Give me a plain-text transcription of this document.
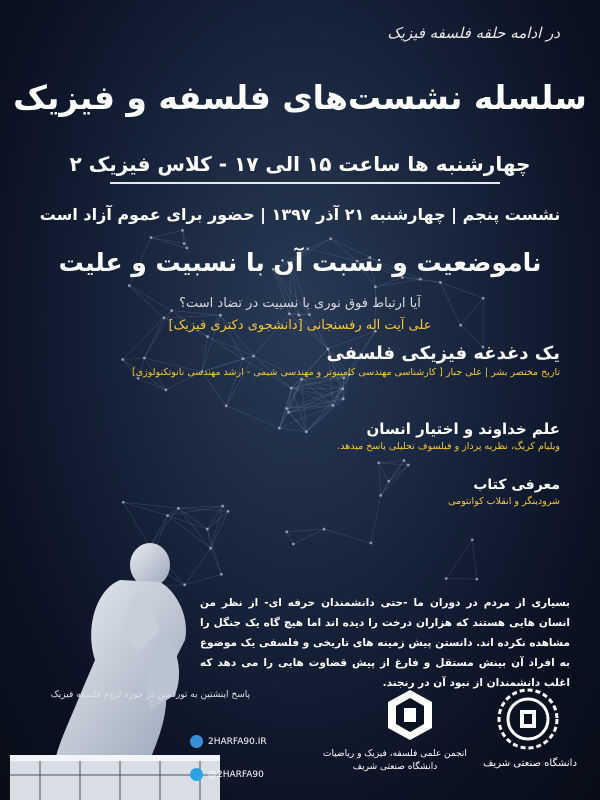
در ادامه حلقه فلسفه فیزیک
سلسله نشست‌های فلسفه و فیزیک
چهارشنبه ها ساعت ۱۵ الی ۱۷ - کلاس فیزیک ۲
نشست پنجم | چهارشنبه ۲۱ آذر ۱۳۹۷ | حضور برای عموم آزاد است
ناموضعیت و نسبت آن با نسبیت و علیت
آیا ارتباط فوق نوری با نسبیت در تضاد است؟
علی آیت اله رفسنجانی [دانشجوی دکتری فیزیک]
یک دغدغه فیزیکی فلسفی
تاریخ مختصر بشر | علی جبار [ کارشناسی مهندسی کامپیوتر و مهندسی شیمی - ارشد مهندسی نانوتکنولوژی]
علم خداوند و اختیار انسان
ویلیام کریگ، نظریه پرداز و فیلسوف تحلیلی یاسخ میدهد.
معرفی کتاب
شرودینگر و انقلاب کوانتومی
بسیاری از مردم در دوران ما -حتی دانشمندان حرفه ای- از نظر من انسان هایی هستند که هزاران درخت را دیده اند اما هیچ گاه یک جنگل را مشاهده نکرده اند. دانستن پیش زمینه های تاریخی و فلسفی یک موضوع به افراد آن بینش مستقل و فارغ از پیش قضاوت هایی را می دهد که اغلب دانشمندان از نبود آن در رنجند.
پاسخ اینشتین به توردسن در حوزه لزوم فلسفه فیزیک
دانشگاه صنعتی شریف
انجمن علمی فلسفه، فیزیک و ریاضیات دانشگاه صنعتی شریف
2HARFA90.IR
@2HARFA90
